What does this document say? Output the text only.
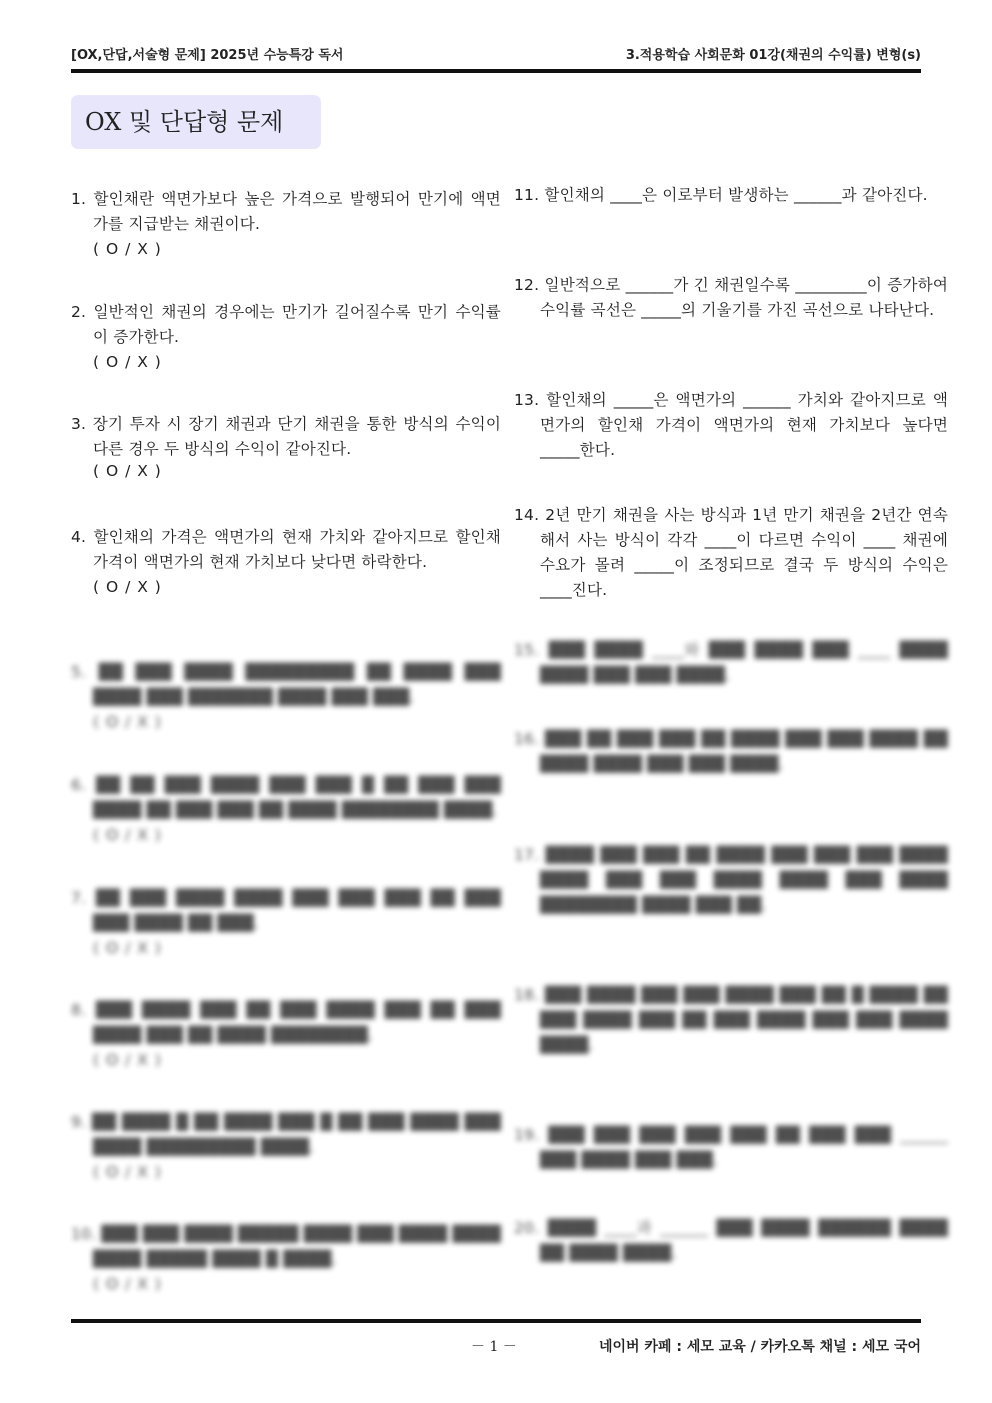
[OX,단답,서술형 문제] 2025년 수능특강 독서	3.적용학습 사회문화 01강(채권의 수익률) 변형(s)
OX 및 단답형 문제
1. 할인채란 액면가보다 높은 가격으로 발행되어 만기에 액면가를 지급받는 채권이다.
( O / X )
2. 일반적인 채권의 경우에는 만기가 길어질수록 만기 수익률이 증가한다.
( O / X )
3. 장기 투자 시 장기 채권과 단기 채권을 통한 방식의 수익이 다른 경우 두 방식의 수익이 같아진다.
( O / X )
4. 할인채의 가격은 액면가의 현재 가치와 같아지므로 할인채 가격이 액면가의 현재 가치보다 낮다면 하락한다.
( O / X )
5. ██ ███ ████ █████████ ██ ████ ███ ████ ███ ███████ ████ ███ ███.
( O / X )
6. ██ ██ ███ ████ ███ ███ █ ██ ███ ███ ████ ██ ███ ███ ██ ████ ████████ ████.
( O / X )
7. ██ ███ ████ ████ ███ ███ ███ ██ ███ ███ ████ ██ ███.
( O / X )
8. ███ ████ ███ ██ ███ ████ ███ ██ ███ ████ ███ ██ ████ ████████.
( O / X )
9. ██ ████ █ ██ ████ ███ █ ██ ███ ████ ███ ████ █████████ ████.
( O / X )
10. ███ ███ ████ █████ ████ ███ ████ ████ ████ █████ ████ █ ████.
( O / X )
11. 할인채의 ____은 이로부터 발생하는 ______과 같아진다.
12. 일반적으로 ______가 긴 채권일수록 _________이 증가하여 수익률 곡선은 _____의 기울기를 가진 곡선으로 나타난다.
13. 할인채의 _____은 액면가의 ______ 가치와 같아지므로 액면가의 할인채 가격이 액면가의 현재 가치보다 높다면 _____한다.
14. 2년 만기 채권을 사는 방식과 1년 만기 채권을 2년간 연속해서 사는 방식이 각각 ____이 다르면 수익이 ____ 채권에 수요가 몰려 _____이 조정되므로 결국 두 방식의 수익은 ____진다.
15. ███ ████ ____와 ███ ████ ███ ____ ████ ████ ███ ███ ████.
16. ███ ██ ███ ███ ██ ████ ███ ███ ████ ██ ████ ████ ███ ███ ████.
17. ████ ███ ███ ██ ████ ███ ███ ███ ████ ████ ███ ███ ████ ████ ███ ████ ████████ ████ ███ ██.
18. ███ ████ ███ ███ ████ ███ ██ █ ████ ██ ███ ████ ███ ██ ███ ████ ███ ███ ████ ████.
19. ███ ███ ███ ███ ███ ██ ███ ███ ______ ███ ████ ███ ███.
20. ████ ____과 ______ ███ ████ ██████ ████ ██ ████ ████.
－ 1 －	네이버 카페 : 세모 교육 / 카카오톡 채널 : 세모 국어
